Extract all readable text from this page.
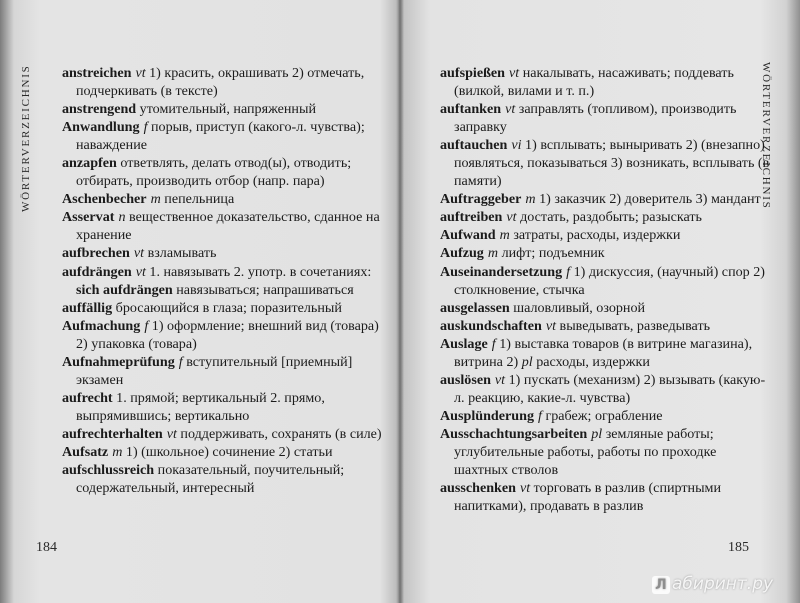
WÖRTERVERZEICHNIS anstreichen vt 1) красить, окрашивать 2) отмечать, подчеркивать (в тексте)
anstrengend утомительный, напряженный
Anwandlung f порыв, приступ (какого-л. чувства); наваждение
anzapfen ответвлять, делать отвод(ы), отводить; отбирать, производить отбор (напр. пара)
Aschenbecher m пепельница
Asservat n вещественное доказательство, сданное на хранение
aufbrechen vt взламывать
aufdrängen vt 1. навязывать 2. употр. в сочетаниях: sich aufdrängen навязываться; напрашиваться
auffällig бросающийся в глаза; поразительный
Aufmachung f 1) оформление; внешний вид (товара) 2) упаковка (товара)
Aufnahmeprüfung f вступительный [приемный] экзамен
aufrecht 1. прямой; вертикальный 2. прямо, выпрямившись; вертикально
aufrechterhalten vt поддерживать, сохранять (в силе)
Aufsatz m 1) (школьное) сочинение 2) статьи
aufschlussreich показательный, поучительный; содержательный, интересный
184
WÖRTERVERZEICHNIS
aufspießen vt накалывать, насаживать; поддевать (вилкой, вилами и т. п.)
auftanken vt заправлять (топливом), производить заправку
auftauchen vi 1) всплывать; выныривать 2) (внезапно) появляться, показываться 3) возникать, всплывать (в памяти)
Auftraggeber m 1) заказчик 2) доверитель 3) мандант
auftreiben vt достать, раздобыть; разыскать
Aufwand m затраты, расходы, издержки
Aufzug m лифт; подъемник
Auseinandersetzung f 1) дискуссия, (научный) спор 2) столкновение, стычка
ausgelassen шаловливый, озорной
auskundschaften vt выведывать, разведывать
Auslage f 1) выставка товаров (в витрине магазина), витрина 2) pl расходы, издержки
auslösen vt 1) пускать (механизм) 2) вызывать (какую-л. реакцию, какие-л. чувства)
Ausplünderung f грабеж; ограбление
Ausschachtungsarbeiten pl земляные работы; углубительные работы, работы по проходке шахтных стволов
ausschenken vt торговать в разлив (спиртными напитками), продавать в разлив
185
Л абиринт.ру
